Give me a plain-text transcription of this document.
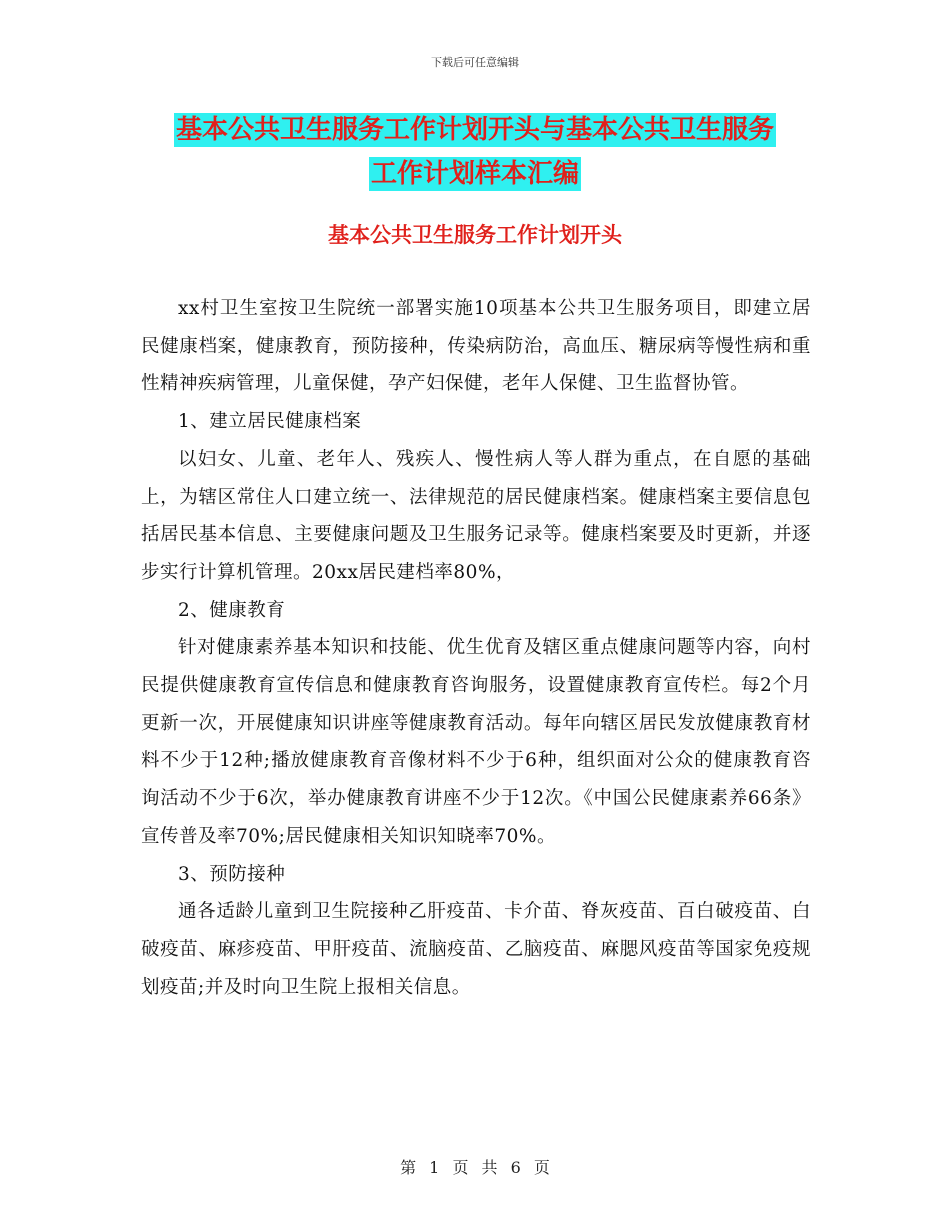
下载后可任意编辑
基本公共卫生服务工作计划开头与基本公共卫生服务
工作计划样本汇编
基本公共卫生服务工作计划开头

xx村卫生室按卫生院统一部署实施10项基本公共卫生服务项目，即建立居民健康档案，健康教育，预防接种，传染病防治，高血压、糖尿病等慢性病和重性精神疾病管理，儿童保健，孕产妇保健，老年人保健、卫生监督协管。

1、建立居民健康档案

以妇女、儿童、老年人、残疾人、慢性病人等人群为重点，在自愿的基础上，为辖区常住人口建立统一、法律规范的居民健康档案。健康档案主要信息包括居民基本信息、主要健康问题及卫生服务记录等。健康档案要及时更新，并逐步实行计算机管理。20xx居民建档率80%，

2、健康教育

针对健康素养基本知识和技能、优生优育及辖区重点健康问题等内容，向村民提供健康教育宣传信息和健康教育咨询服务，设置健康教育宣传栏。每2个月更新一次，开展健康知识讲座等健康教育活动。每年向辖区居民发放健康教育材料不少于12种;播放健康教育音像材料不少于6种，组织面对公众的健康教育咨询活动不少于6次，举办健康教育讲座不少于12次。《中国公民健康素养66条》宣传普及率70%;居民健康相关知识知晓率70%。

3、预防接种

通各适龄儿童到卫生院接种乙肝疫苗、卡介苗、脊灰疫苗、百白破疫苗、白破疫苗、麻疹疫苗、甲肝疫苗、流脑疫苗、乙脑疫苗、麻腮风疫苗等国家免疫规划疫苗;并及时向卫生院上报相关信息。

第 1 页 共 6 页
